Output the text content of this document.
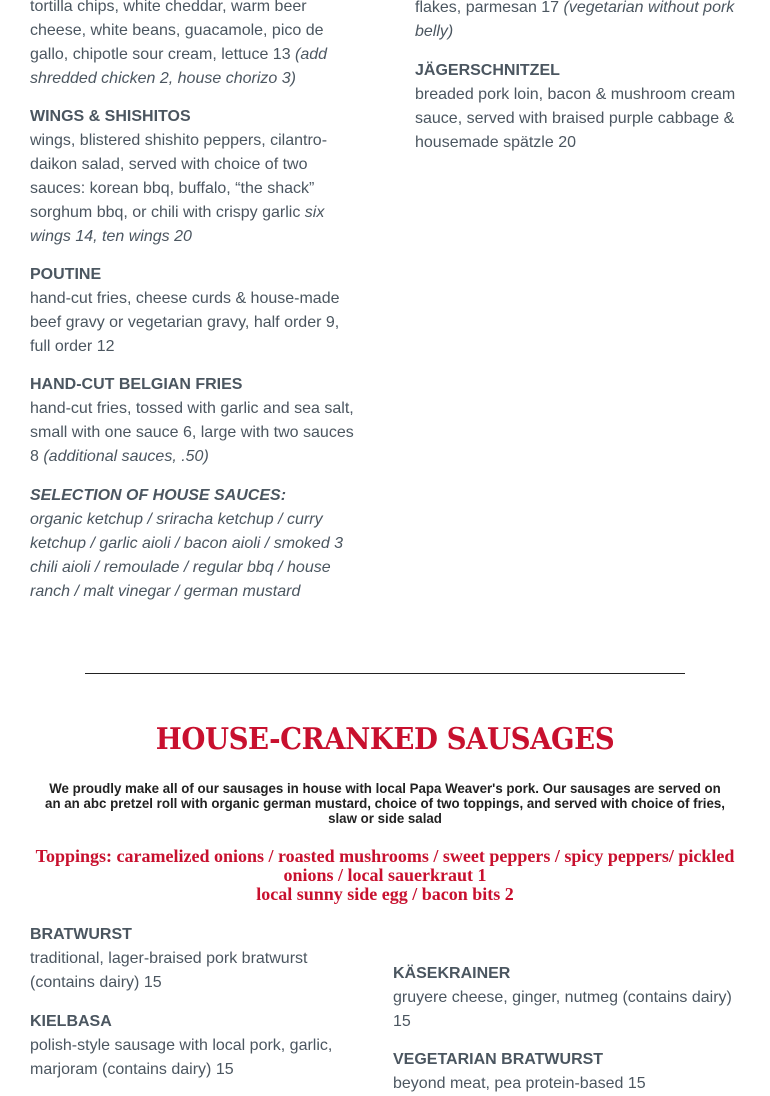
tortilla chips, white cheddar, warm beer cheese, white beans, guacamole, pico de gallo, chipotle sour cream, lettuce 13 (add shredded chicken 2, house chorizo 3)

WINGS & SHISHITOS

wings, blistered shishito peppers, cilantro-daikon salad, served with choice of two sauces: korean bbq, buffalo, “the shack” sorghum bbq, or chili with crispy garlic six wings 14, ten wings 20

POUTINE

hand-cut fries, cheese curds & house-made beef gravy or vegetarian gravy, half order 9, full order 12

HAND-CUT BELGIAN FRIES

hand-cut fries, tossed with garlic and sea salt, small with one sauce 6, large with two sauces 8 (additional sauces, .50)

SELECTION OF HOUSE SAUCES:

organic ketchup / sriracha ketchup / curry ketchup / garlic aioli / bacon aioli / smoked 3 chili aioli / remoulade / regular bbq / house ranch / malt vinegar / german mustard

flakes, parmesan 17 (vegetarian without pork belly)

JÄGERSCHNITZEL

breaded pork loin, bacon & mushroom cream sauce, served with braised purple cabbage & housemade spätzle 20

HOUSE-CRANKED SAUSAGES
We proudly make all of our sausages in house with local Papa Weaver's pork. Our sausages are served on an an abc pretzel roll with organic german mustard, choice of two toppings, and served with choice of fries, slaw or side salad
Toppings: caramelized onions / roasted mushrooms / sweet peppers / spicy peppers/ pickled onions / local sauerkraut 1
local sunny side egg / bacon bits 2
BRATWURST

traditional, lager-braised pork bratwurst (contains dairy) 15

KIELBASA

polish-style sausage with local pork, garlic, marjoram (contains dairy) 15

KÄSEKRAINER

gruyere cheese, ginger, nutmeg (contains dairy) 15

VEGETARIAN BRATWURST

beyond meat, pea protein-based 15
